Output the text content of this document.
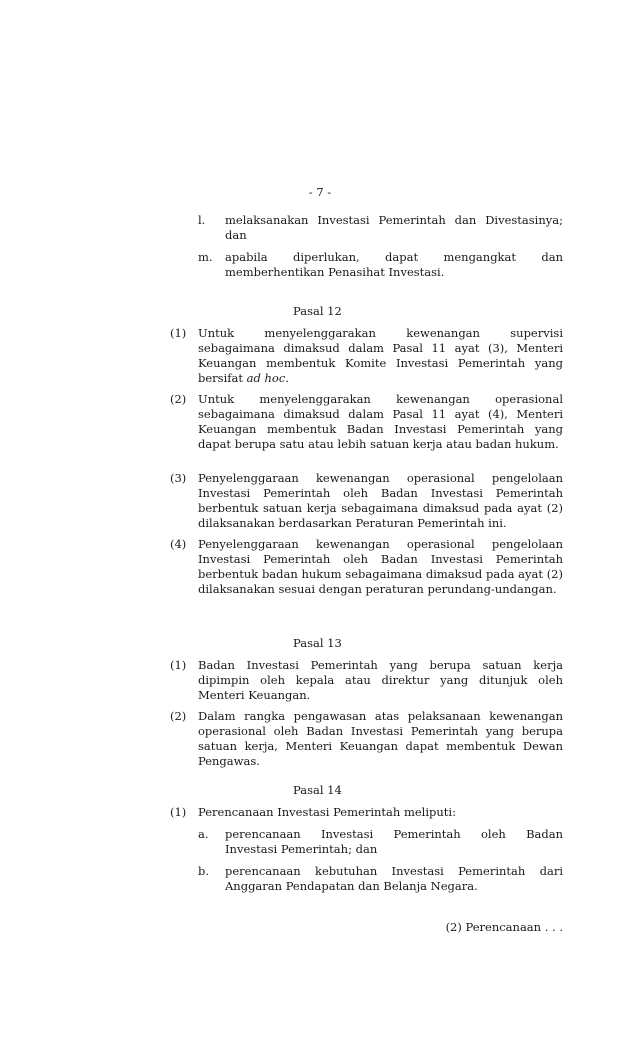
- 7 -
l. melaksanakan Investasi Pemerintah dan Divestasinya;
dan
m. apabila diperlukan, dapat mengangkat dan
memberhentikan Penasihat Investasi.
Pasal 12
(1) Untuk menyelenggarakan kewenangan supervisi sebagaimana dimaksud dalam Pasal 11 ayat (3), Menteri Keuangan membentuk Komite Investasi Pemerintah yang bersifat ad hoc.
(2) Untuk menyelenggarakan kewenangan operasional sebagaimana dimaksud dalam Pasal 11 ayat (4), Menteri Keuangan membentuk Badan Investasi Pemerintah yang dapat berupa satu atau lebih satuan kerja atau badan hukum.
(3) Penyelenggaraan kewenangan operasional pengelolaan Investasi Pemerintah oleh Badan Investasi Pemerintah berbentuk satuan kerja sebagaimana dimaksud pada ayat (2) dilaksanakan berdasarkan Peraturan Pemerintah ini.
(4) Penyelenggaraan kewenangan operasional pengelolaan Investasi Pemerintah oleh Badan Investasi Pemerintah berbentuk badan hukum sebagaimana dimaksud pada ayat (2) dilaksanakan sesuai dengan peraturan perundang-undangan.
Pasal 13
(1) Badan Investasi Pemerintah yang berupa satuan kerja dipimpin oleh kepala atau direktur yang ditunjuk oleh Menteri Keuangan.
(2) Dalam rangka pengawasan atas pelaksanaan kewenangan operasional oleh Badan Investasi Pemerintah yang berupa satuan kerja, Menteri Keuangan dapat membentuk Dewan Pengawas.
Pasal 14
(1) Perencanaan Investasi Pemerintah meliputi:
a. perencanaan Investasi Pemerintah oleh Badan
Investasi Pemerintah; dan
b. perencanaan kebutuhan Investasi Pemerintah dari
Anggaran Pendapatan dan Belanja Negara.
(2) Perencanaan . . .
